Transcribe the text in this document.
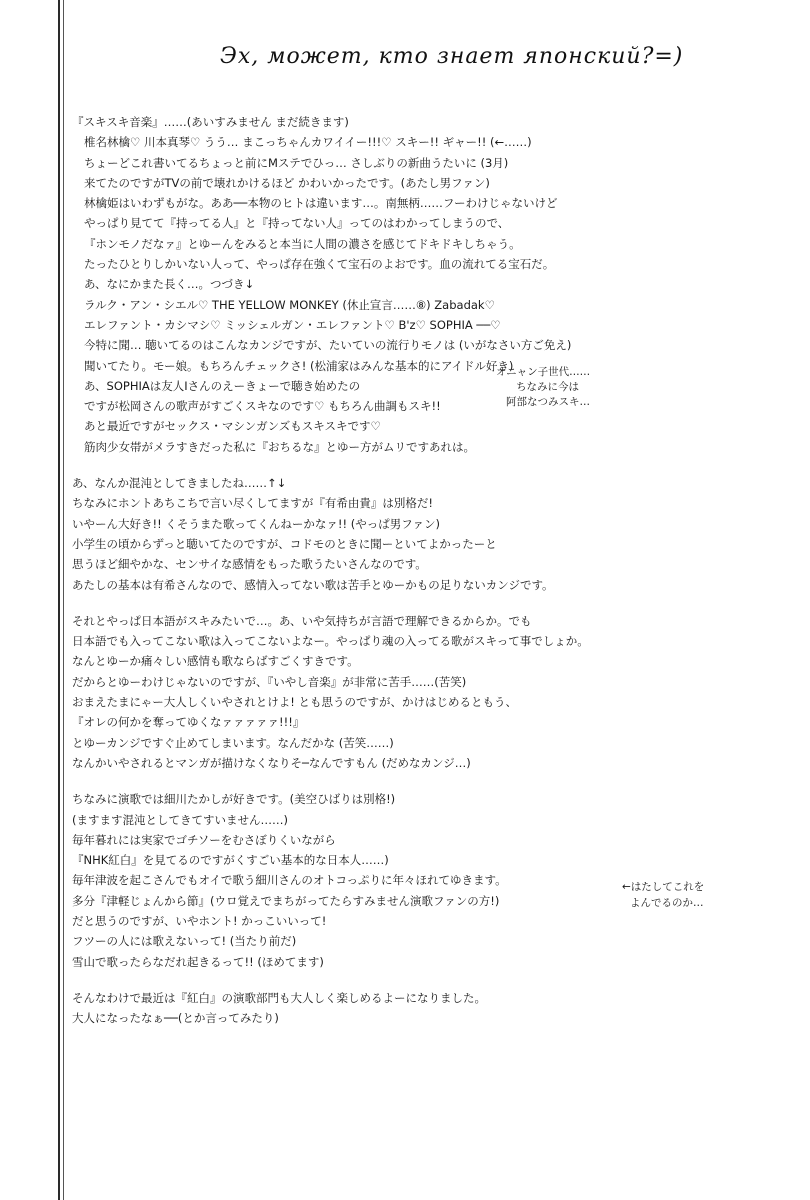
Эх, может, кто знает японский?=)
『スキスキ音楽』……(あいすみません まだ続きます)
椎名林檎♡ 川本真琴♡ うう… まこっちゃんカワイイー!!!♡ スキー!! ギャー!! (←……)
ちょーどこれ書いてるちょっと前にMステでひっ… さしぶりの新曲うたいに (3月)
来てたのですがTVの前で壊れかけるほど かわいかったです。(あたし男ファン)
林檎姫はいわずもがな。ああ──本物のヒトは違います…。南無柄……フーわけじゃないけど
やっぱり見てて『持ってる人』と『持ってない人』ってのはわかってしまうので、
『ホンモノだなァ』とゆーんをみると本当に人間の濃さを感じてドキドキしちゃう。
たったひとりしかいない人って、やっぱ存在強くて宝石のよおです。血の流れてる宝石だ。
あ、なにかまた長く…。つづき↓
ラルク・アン・シエル♡ THE YELLOW MONKEY (休止宣言……⑧) Zabadak♡
エレファント・カシマシ♡ ミッシェルガン・エレファント♡ B'z♡ SOPHIA ──♡
今特に聞… 聴いてるのはこんなカンジですが、たいていの流行りモノは (いがなさい方ご免え)
聞いてたり。モー娘。もちろんチェックさ! (松浦家はみんな基本的にアイドル好き)
あ、SOPHIAは友人Iさんのえーきょーで聴き始めたの
ですが松岡さんの歌声がすごくスキなのです♡ もちろん曲調もスキ!!
あと最近ですがセックス・マシンガンズもスキスキです♡
筋肉少女帯がメラすきだった私に『おちるな』とゆー方がムリですあれは。
あ、なんか混沌としてきましたね……↑↓
ちなみにホントあちこちで言い尽くしてますが『有希由貴』は別格だ!
いやーん大好き!! くそうまた歌ってくんねーかなァ!! (やっぱ男ファン)
小学生の頃からずっと聴いてたのですが、コドモのときに聞ーといてよかったーと
思うほど細やかな、センサイな感情をもった歌うたいさんなのです。
あたしの基本は有希さんなので、感情入ってない歌は苦手とゆーかもの足りないカンジです。
それとやっぱ日本語がスキみたいで…。あ、いや気持ちが言語で理解できるからか。でも
日本語でも入ってこない歌は入ってこないよなー。やっぱり魂の入ってる歌がスキって事でしょか。
なんとゆーか痛々しい感情も歌ならばすごくすきです。
だからとゆーわけじゃないのですが、『いやし音楽』が非常に苦手……(苦笑)
おまえたまにゃー大人しくいやされとけよ! とも思うのですが、かけはじめるともう、
『オレの何かを奪ってゆくなァァァァァ!!!』
とゆーカンジですぐ止めてしまいます。なんだかな (苦笑……)
なんかいやされるとマンガが描けなくなりそ─なんですもん (だめなカンジ…)
ちなみに演歌では細川たかしが好きです。(美空ひばりは別格!)
(ますます混沌としてきてすいません……)
毎年暮れには実家でゴチソーをむさぼりくいながら
『NHK紅白』を見てるのですがくすごい基本的な日本人……)
毎年津波を起こさんでもオイで歌う細川さんのオトコっぷりに年々ほれてゆきます。
多分『津軽じょんから節』(ウロ覚えでまちがってたらすみません演歌ファンの方!)
だと思うのですが、いやホント! かっこいいって!
フツーの人には歌えないって! (当たり前だ)
雪山で歌ったらなだれ起きるって!! (ほめてます)
そんなわけで最近は『紅白』の演歌部門も大人しく楽しめるよーになりました。
大人になったなぁ──(とか言ってみたり)
オニャン子世代……
ちなみに今は
阿部なつみスキ…
←はたしてこれを
よんでるのか…
